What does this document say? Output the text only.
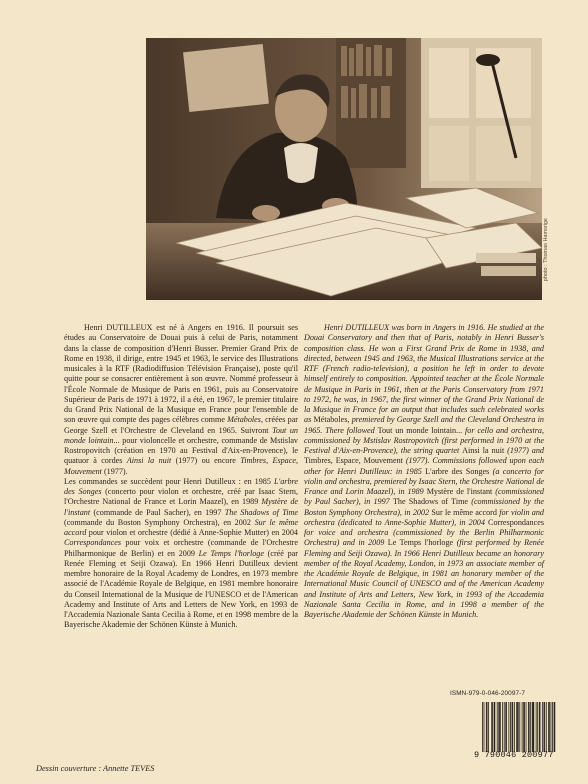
photo : Thomas Hamsrige

Henri DUTILLEUX est né à Angers en 1916. Il poursuit ses études au Conservatoire de Douai puis à celui de Paris, notamment dans la classe de composition d'Henri Busser. Premier Grand Prix de Rome en 1938, il dirige, entre 1945 et 1963, le service des Illustrations musicales à la RTF (Radiodiffusion Télévision Française), poste qu'il quitte pour se consacrer entièrement à son œuvre. Nommé professeur à l'École Normale de Musique de Paris en 1961, puis au Conservatoire Supérieur de Paris de 1971 à 1972, il a été, en 1967, le premier titulaire du Grand Prix National de la Musique en France pour l'ensemble de son œuvre qui compte des pages célèbres comme Métaboles, créées par George Szell et l'Orchestre de Cleveland en 1965. Suivront Tout un monde lointain... pour violoncelle et orchestre, commande de Mstislav Rostropovitch (création en 1970 au Festival d'Aix-en-Provence), le quatuor à cordes Ainsi la nuit (1977) ou encore Timbres, Espace, Mouvement (1977).

Les commandes se succèdent pour Henri Dutilleux : en 1985 L'arbre des Songes (concerto pour violon et orchestre, créé par Isaac Stern, l'Orchestre National de France et Lorin Maazel), en 1989 Mystère de l'instant (commande de Paul Sacher), en 1997 The Shadows of Time (commande du Boston Symphony Orchestra), en 2002 Sur le même accord pour violon et orchestre (dédié à Anne-Sophie Mutter) en 2004 Correspondances pour voix et orchestre (commande de l'Orchestre Philharmonique de Berlin) et en 2009 Le Temps l'horloge (créé par Renée Fleming et Seiji Ozawa). En 1966 Henri Dutilleux devient membre honoraire de la Royal Academy de Londres, en 1973 membre associé de l'Académie Royale de Belgique, en 1981 membre honoraire du Conseil International de la Musique de l'UNESCO et de l'American Academy and Institute of Arts and Letters de New York, en 1993 de l'Accademia Nazionale Santa Cecilia à Rome, et en 1998 membre de la Bayerische Akademie der Schönen Künste à Munich.

Henri DUTILLEUX was born in Angers in 1916. He studied at the Douai Conservatory and then that of Paris, notably in Henri Busser's composition class. He won a First Grand Prix de Rome in 1938, and directed, between 1945 and 1963, the Musical Illustrations service at the RTF (French radio-television), a position he left in order to devote himself entirely to composition. Appointed teacher at the École Normale de Musique in Paris in 1961, then at the Paris Conservatory from 1971 to 1972, he was, in 1967, the first winner of the Grand Prix National de la Musique in France for an output that includes such celebrated works as Métaboles, premiered by George Szell and the Cleveland Orchestra in 1965. There followed Tout un monde lointain... for cello and orchestra, commissioned by Mstislav Rostropovitch (first performed in 1970 at the Festival d'Aix-en-Provence), the string quartet Ainsi la nuit (1977) and Timbres, Espace, Mouvement (1977). Commissions followed upon each other for Henri Dutilleux: in 1985 L'arbre des Songes (a concerto for violin and orchestra, premiered by Isaac Stern, the Orchestre National de France and Lorin Maazel), in 1989 Mystère de l'instant (commissioned by Paul Sacher), in 1997 The Shadows of Time (commissioned by the Boston Symphony Orchestra), in 2002 Sur le même accord for violin and orchestra (dedicated to Anne-Sophie Mutter), in 2004 Correspondances for voice and orchestra (commissioned by the Berlin Philharmonic Orchestra) and in 2009 Le Temps l'horloge (first performed by Renée Fleming and Seiji Ozawa). In 1966 Henri Dutilleux became an honorary member of the Royal Academy, London, in 1973 an associate member of the Académie Royale de Belgique, in 1981 an honorary member of the International Music Council of UNESCO and of the American Academy and Institute of Arts and Letters, New York, in 1993 of the Accademia Nazionale Santa Cecilia in Rome, and in 1998 a member of the Bayerische Akademie der Schönen Künste in Munich.

ISMN-979-0-046-20097-7
9 790046 200977
Dessin couverture : Annette TEVES
